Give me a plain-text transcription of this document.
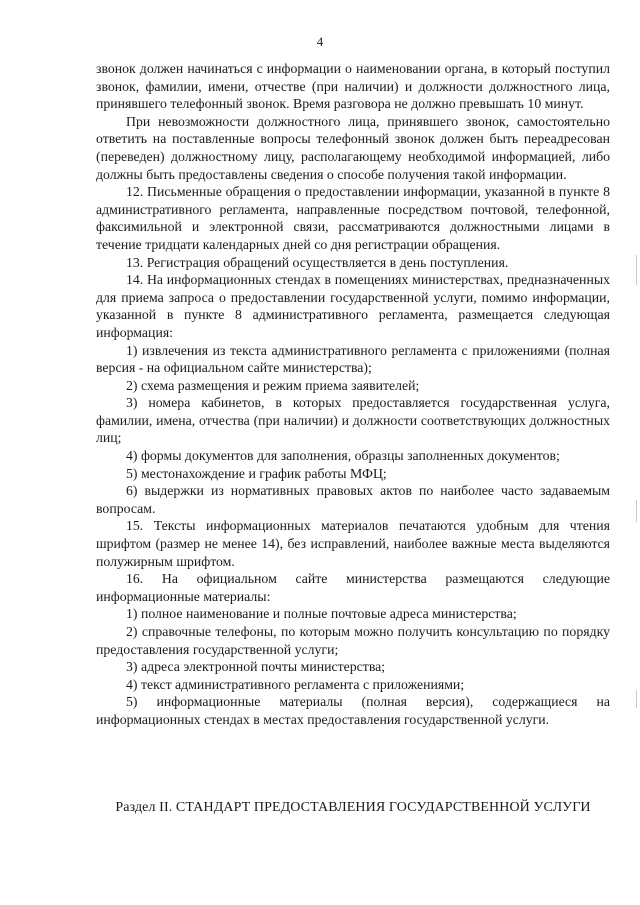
4

звонок должен начинаться с информации о наименовании органа, в который поступил звонок, фамилии, имени, отчестве (при наличии) и должности должностного лица, принявшего телефонный звонок. Время разговора не должно превышать 10 минут.

При невозможности должностного лица, принявшего звонок, самостоятельно ответить на поставленные вопросы телефонный звонок должен быть переадресован (переведен) должностному лицу, располагающему необходимой информацией, либо должны быть предоставлены сведения о способе получения такой информации.

12. Письменные обращения о предоставлении информации, указанной в пункте 8 административного регламента, направленные посредством почтовой, телефонной, факсимильной и электронной связи, рассматриваются должностными лицами в течение тридцати календарных дней со дня регистрации обращения.

13. Регистрация обращений осуществляется в день поступления.

14. На информационных стендах в помещениях министерствах, предназначенных для приема запроса о предоставлении государственной услуги, помимо информации, указанной в пункте 8 административного регламента, размещается следующая информация:

1) извлечения из текста административного регламента с приложениями (полная версия - на официальном сайте министерства);

2) схема размещения и режим приема заявителей;

3) номера кабинетов, в которых предоставляется государственная услуга, фамилии, имена, отчества (при наличии) и должности соответствующих должностных лиц;

4) формы документов для заполнения, образцы заполненных документов;

5) местонахождение и график работы МФЦ;

6) выдержки из нормативных правовых актов по наиболее часто задаваемым вопросам.

15. Тексты информационных материалов печатаются удобным для чтения шрифтом (размер не менее 14), без исправлений, наиболее важные места выделяются полужирным шрифтом.

16. На официальном сайте министерства размещаются следующие информационные материалы:

1) полное наименование и полные почтовые адреса министерства;

2) справочные телефоны, по которым можно получить консультацию по порядку предоставления государственной услуги;

3) адреса электронной почты министерства;

4) текст административного регламента с приложениями;

5) информационные материалы (полная версия), содержащиеся на информационных стендах в местах предоставления государственной услуги.

Раздел II. СТАНДАРТ ПРЕДОСТАВЛЕНИЯ ГОСУДАРСТВЕННОЙ УСЛУГИ
